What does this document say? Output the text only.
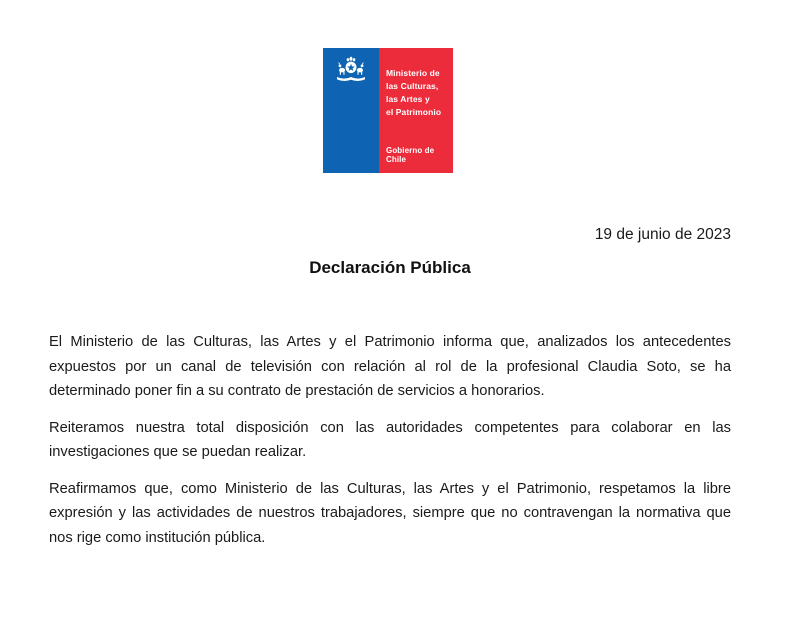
Ministerio de
las Culturas,
las Artes y
el Patrimonio
Gobierno de Chile
19 de junio de 2023
Declaración Pública

El Ministerio de las Culturas, las Artes y el Patrimonio informa que, analizados los antecedentes expuestos por un canal de televisión con relación al rol de la profesional Claudia Soto, se ha determinado poner fin a su contrato de prestación de servicios a honorarios.

Reiteramos nuestra total disposición con las autoridades competentes para colaborar en las investigaciones que se puedan realizar.

Reafirmamos que, como Ministerio de las Culturas, las Artes y el Patrimonio, respetamos la libre expresión y las actividades de nuestros trabajadores, siempre que no contravengan la normativa que nos rige como institución pública.
